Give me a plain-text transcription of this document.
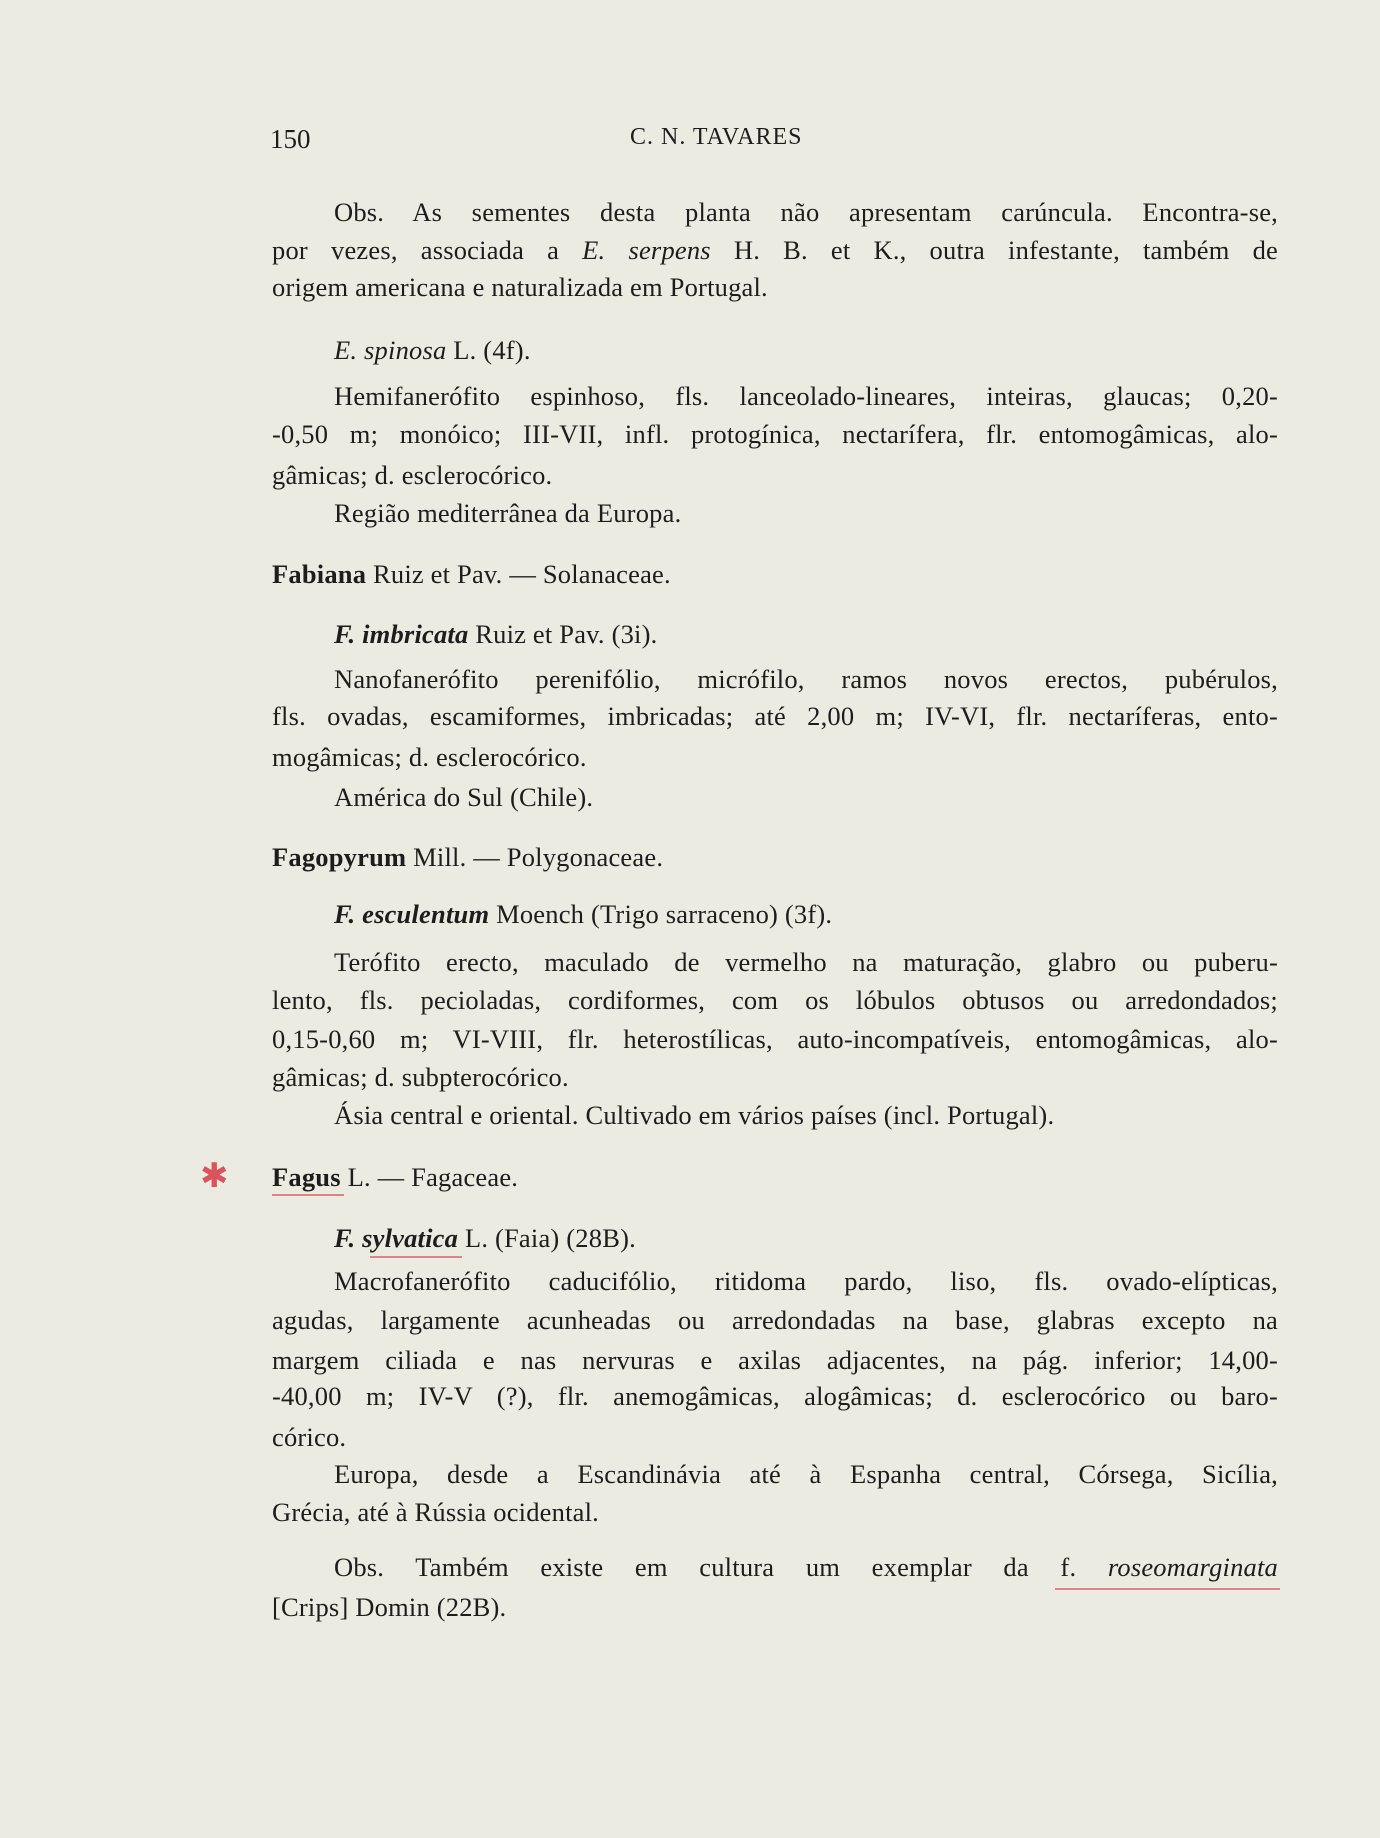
150	C. N. TAVARES
✱
Obs. As sementes desta planta não apresentam carúncula. Encontra-se,
por vezes, associada a E. serpens H. B. et K., outra infestante, também de
origem americana e naturalizada em Portugal.
E. spinosa L. (4f).
Hemifanerófito espinhoso, fls. lanceolado-lineares, inteiras, glaucas; 0,20-
-0,50 m; monóico; III-VII, infl. protogínica, nectarífera, flr. entomogâmicas, alo-
gâmicas; d. esclerocórico.
Região mediterrânea da Europa.
Fabiana Ruiz et Pav. — Solanaceae.
F. imbricata Ruiz et Pav. (3i).
Nanofanerófito perenifólio, micrófilo, ramos novos erectos, pubérulos,
fls. ovadas, escamiformes, imbricadas; até 2,00 m; IV-VI, flr. nectaríferas, ento-
mogâmicas; d. esclerocórico.
América do Sul (Chile).
Fagopyrum Mill. — Polygonaceae.
F. esculentum Moench (Trigo sarraceno) (3f).
Terófito erecto, maculado de vermelho na maturação, glabro ou puberu-
lento, fls. pecioladas, cordiformes, com os lóbulos obtusos ou arredondados;
0,15-0,60 m; VI-VIII, flr. heterostílicas, auto-incompatíveis, entomogâmicas, alo-
gâmicas; d. subpterocórico.
Ásia central e oriental. Cultivado em vários países (incl. Portugal).
Fagus L. — Fagaceae.
F. sylvatica L. (Faia) (28B).
Macrofanerófito caducifólio, ritidoma pardo, liso, fls. ovado-elípticas,
agudas, largamente acunheadas ou arredondadas na base, glabras excepto na
margem ciliada e nas nervuras e axilas adjacentes, na pág. inferior; 14,00-
-40,00 m; IV-V (?), flr. anemogâmicas, alogâmicas; d. esclerocórico ou baro-
córico.
Europa, desde a Escandinávia até à Espanha central, Córsega, Sicília,
Grécia, até à Rússia ocidental.
Obs. Também existe em cultura um exemplar da f. roseomarginata
[Crips] Domin (22B).
